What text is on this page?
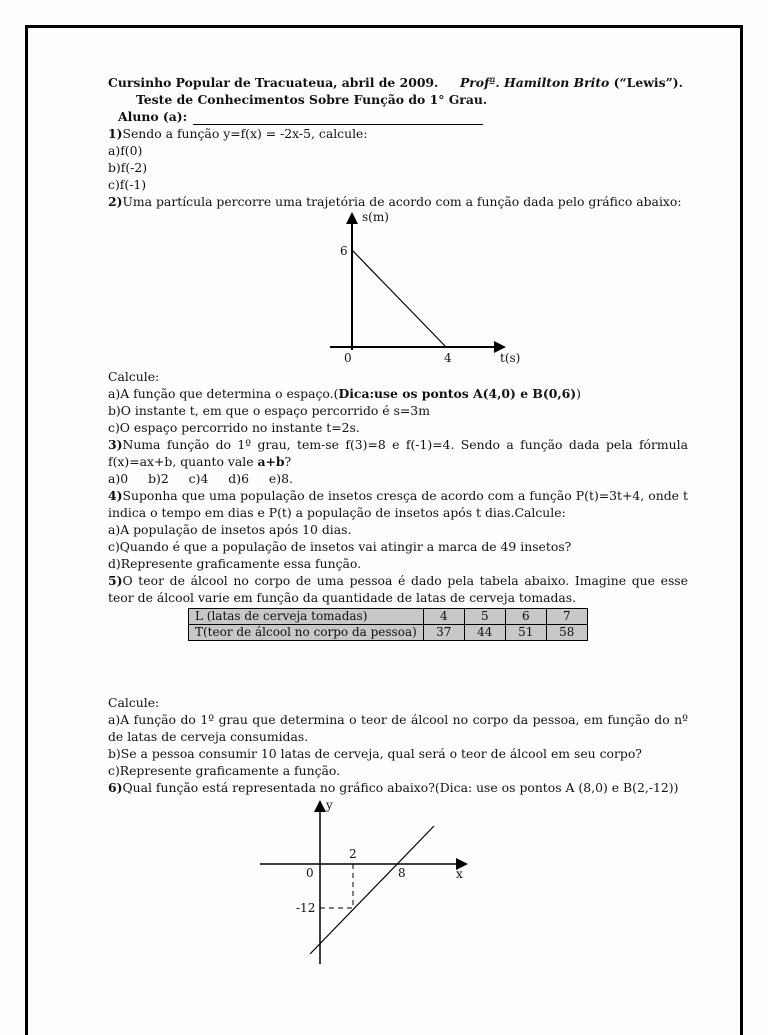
Cursinho Popular de Tracuateua, abril de 2009. Profª. Hamilton Brito (“Lewis”).
Teste de Conhecimentos Sobre Função do 1° Grau.
Aluno (a):
1)Sendo a função y=f(x) = -2x-5, calcule:
a)f(0)
b)f(-2)
c)f(-1)
2)Uma partícula percorre uma trajetória de acordo com a função dada pelo gráfico abaixo:
s(m)
6
0	4	t(s)
Calcule:
a)A função que determina o espaço.(Dica:use os pontos A(4,0) e B(0,6))
b)O instante t, em que o espaço percorrido é s=3m
c)O espaço percorrido no instante t=2s.
3)Numa função do 1º grau, tem-se f(3)=8 e f(-1)=4. Sendo a função dada pela fórmula f(x)=ax+b, quanto vale a+b?
a)0 b)2 c)4 d)6 e)8.
4)Suponha que uma população de insetos cresça de acordo com a função P(t)=3t+4, onde t indica o tempo em dias e P(t) a população de insetos após t dias.Calcule:
a)A população de insetos após 10 dias.
c)Quando é que a população de insetos vai atingir a marca de 49 insetos?
d)Represente graficamente essa função.
5)O teor de álcool no corpo de uma pessoa é dado pela tabela abaixo. Imagine que esse teor de álcool varie em função da quantidade de latas de cerveja tomadas.
L (latas de cerveja tomadas)	4	5	6	7
T(teor de álcool no corpo da pessoa)	37	44	51	58
Calcule:
a)A função do 1º grau que determina o teor de álcool no corpo da pessoa, em função do nº de latas de cerveja consumidas.
b)Se a pessoa consumir 10 latas de cerveja, qual será o teor de álcool em seu corpo?
c)Represente graficamente a função.
6)Qual função está representada no gráfico abaixo?(Dica: use os pontos A (8,0) e B(2,-12))
y
2
0	8	x
-12
